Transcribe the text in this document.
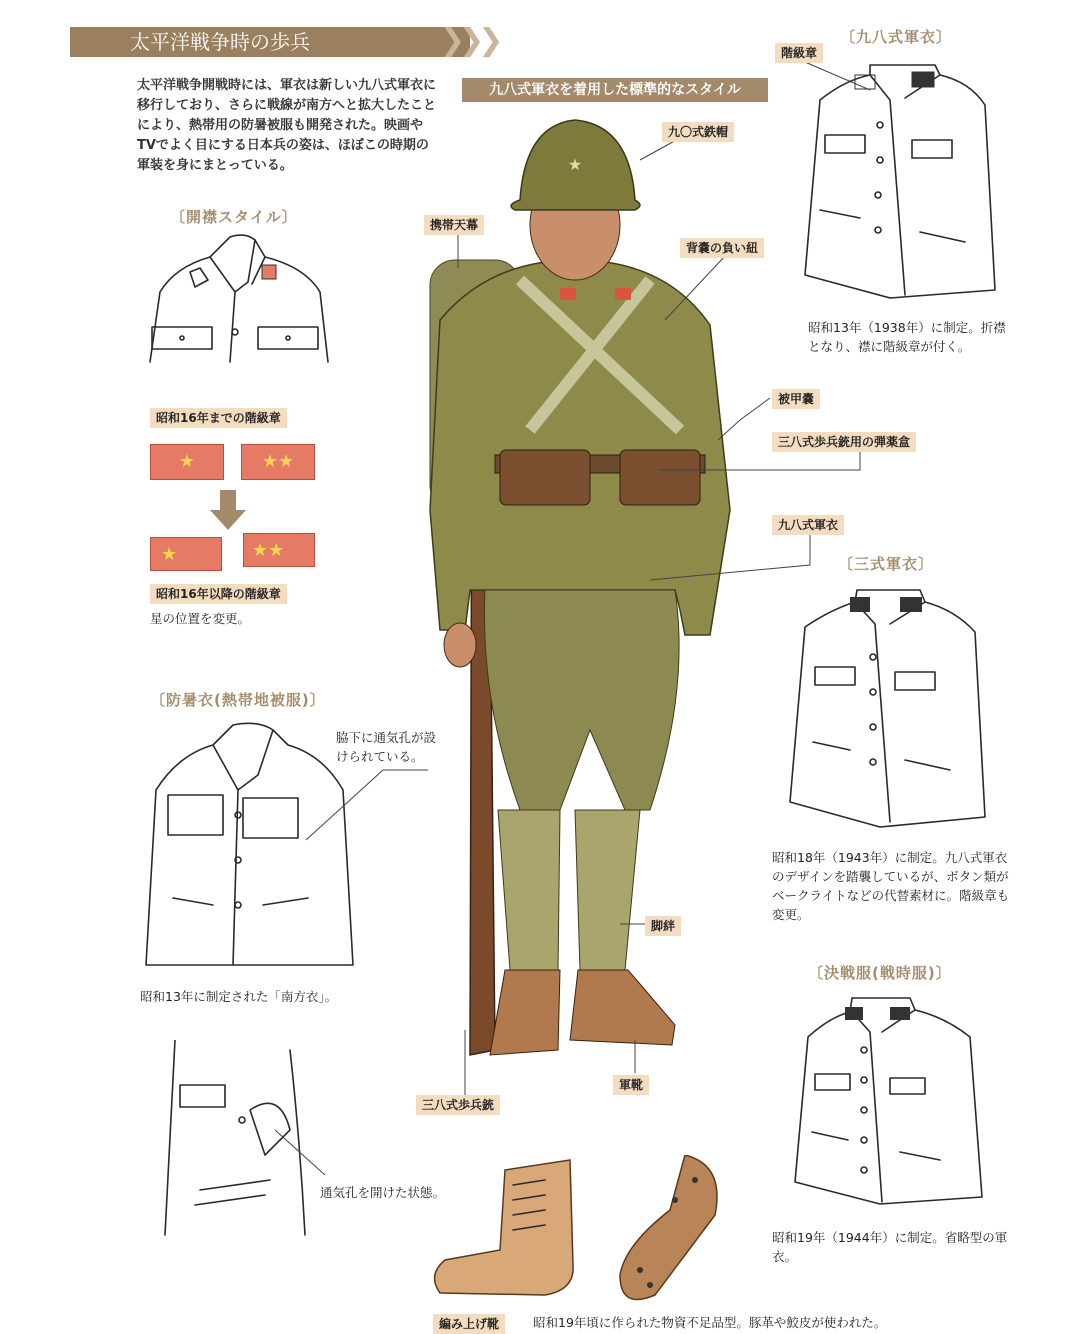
太平洋戦争時の歩兵	❯❯❯
太平洋戦争開戦時には、軍衣は新しい九八式軍衣に移行しており、さらに戦線が南方へと拡大したことにより、熱帯用の防暑被服も開発された。映画やTVでよく目にする日本兵の姿は、ほぼこの時期の軍装を身にまとっている。
九八式軍衣を着用した標準的なスタイル
〔開襟スタイル〕
昭和16年までの階級章
★	★★
★	★★
昭和16年以降の階級章
星の位置を変更。
〔防暑衣(熱帯地被服)〕
脇下に通気孔が設けられている。
昭和13年に制定された「南方衣」。
通気孔を開けた状態。
★
九〇式鉄帽
携帯天幕
背嚢の負い紐
被甲嚢
三八式歩兵銃用の弾薬盒
九八式軍衣
脚絆
軍靴
三八式歩兵銃
〔九八式軍衣〕
階級章
昭和13年（1938年）に制定。折襟となり、襟に階級章が付く。
〔三式軍衣〕
昭和18年（1943年）に制定。九八式軍衣のデザインを踏襲しているが、ボタン類がベークライトなどの代替素材に。階級章も変更。
〔決戦服(戦時服)〕
昭和19年（1944年）に制定。省略型の軍衣。
編み上げ靴	昭和19年頃に作られた物資不足品型。豚革や鮫皮が使われた。
